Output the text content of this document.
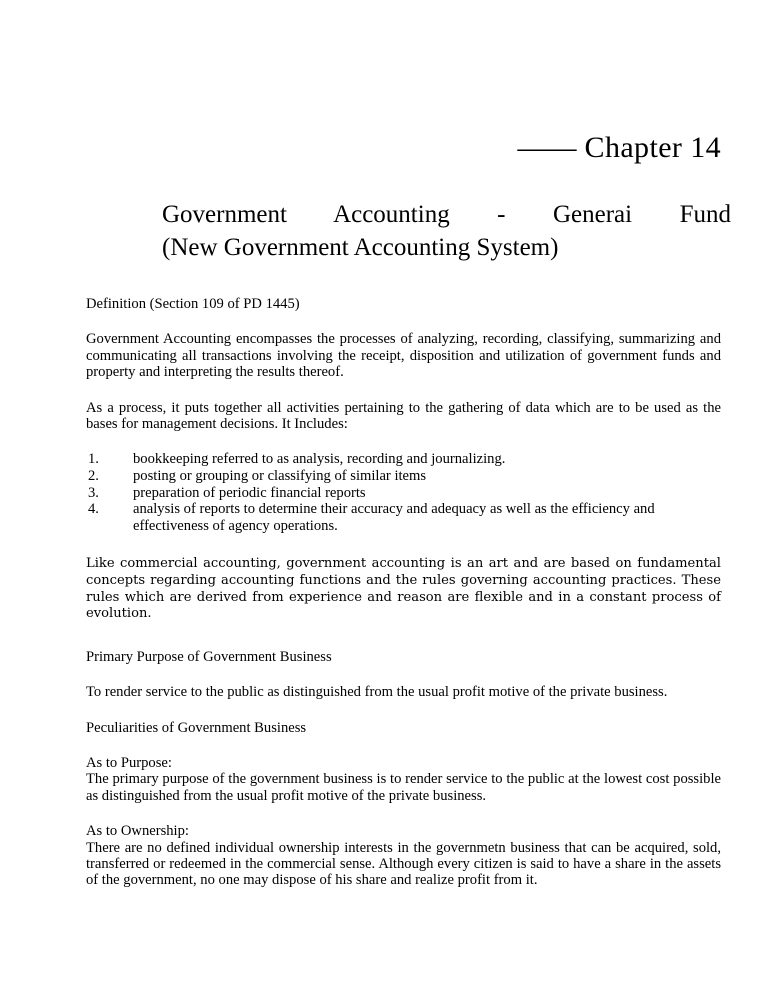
—— Chapter 14
Government Accounting - Generai Fund
(New Government Accounting System)

Definition (Section 109 of PD 1445)

Government Accounting encompasses the processes of analyzing, recording, classifying, summarizing and communicating all transactions involving the receipt, disposition and utilization of government funds and property and interpreting the results thereof.

As a process, it puts together all activities pertaining to the gathering of data which are to be used as the bases for management decisions. It Includes:

1. bookkeeping referred to as analysis, recording and journalizing.
2. posting or grouping or classifying of similar items
3. preparation of periodic financial reports
4. analysis of reports to determine their accuracy and adequacy as well as the efficiency and effectiveness of agency operations.

Like commercial accounting, government accounting is an art and are based on fundamental concepts regarding accounting functions and the rules governing accounting practices. These rules which are derived from experience and reason are flexible and in a constant process of evolution.

Primary Purpose of Government Business

To render service to the public as distinguished from the usual profit motive of the private business.

Peculiarities of Government Business

As to Purpose:

The primary purpose of the government business is to render service to the public at the lowest cost possible as distinguished from the usual profit motive of the private business.

As to Ownership:

There are no defined individual ownership interests in the governmetn business that can be acquired, sold, transferred or redeemed in the commercial sense. Although every citizen is said to have a share in the assets of the government, no one may dispose of his share and realize profit from it.
